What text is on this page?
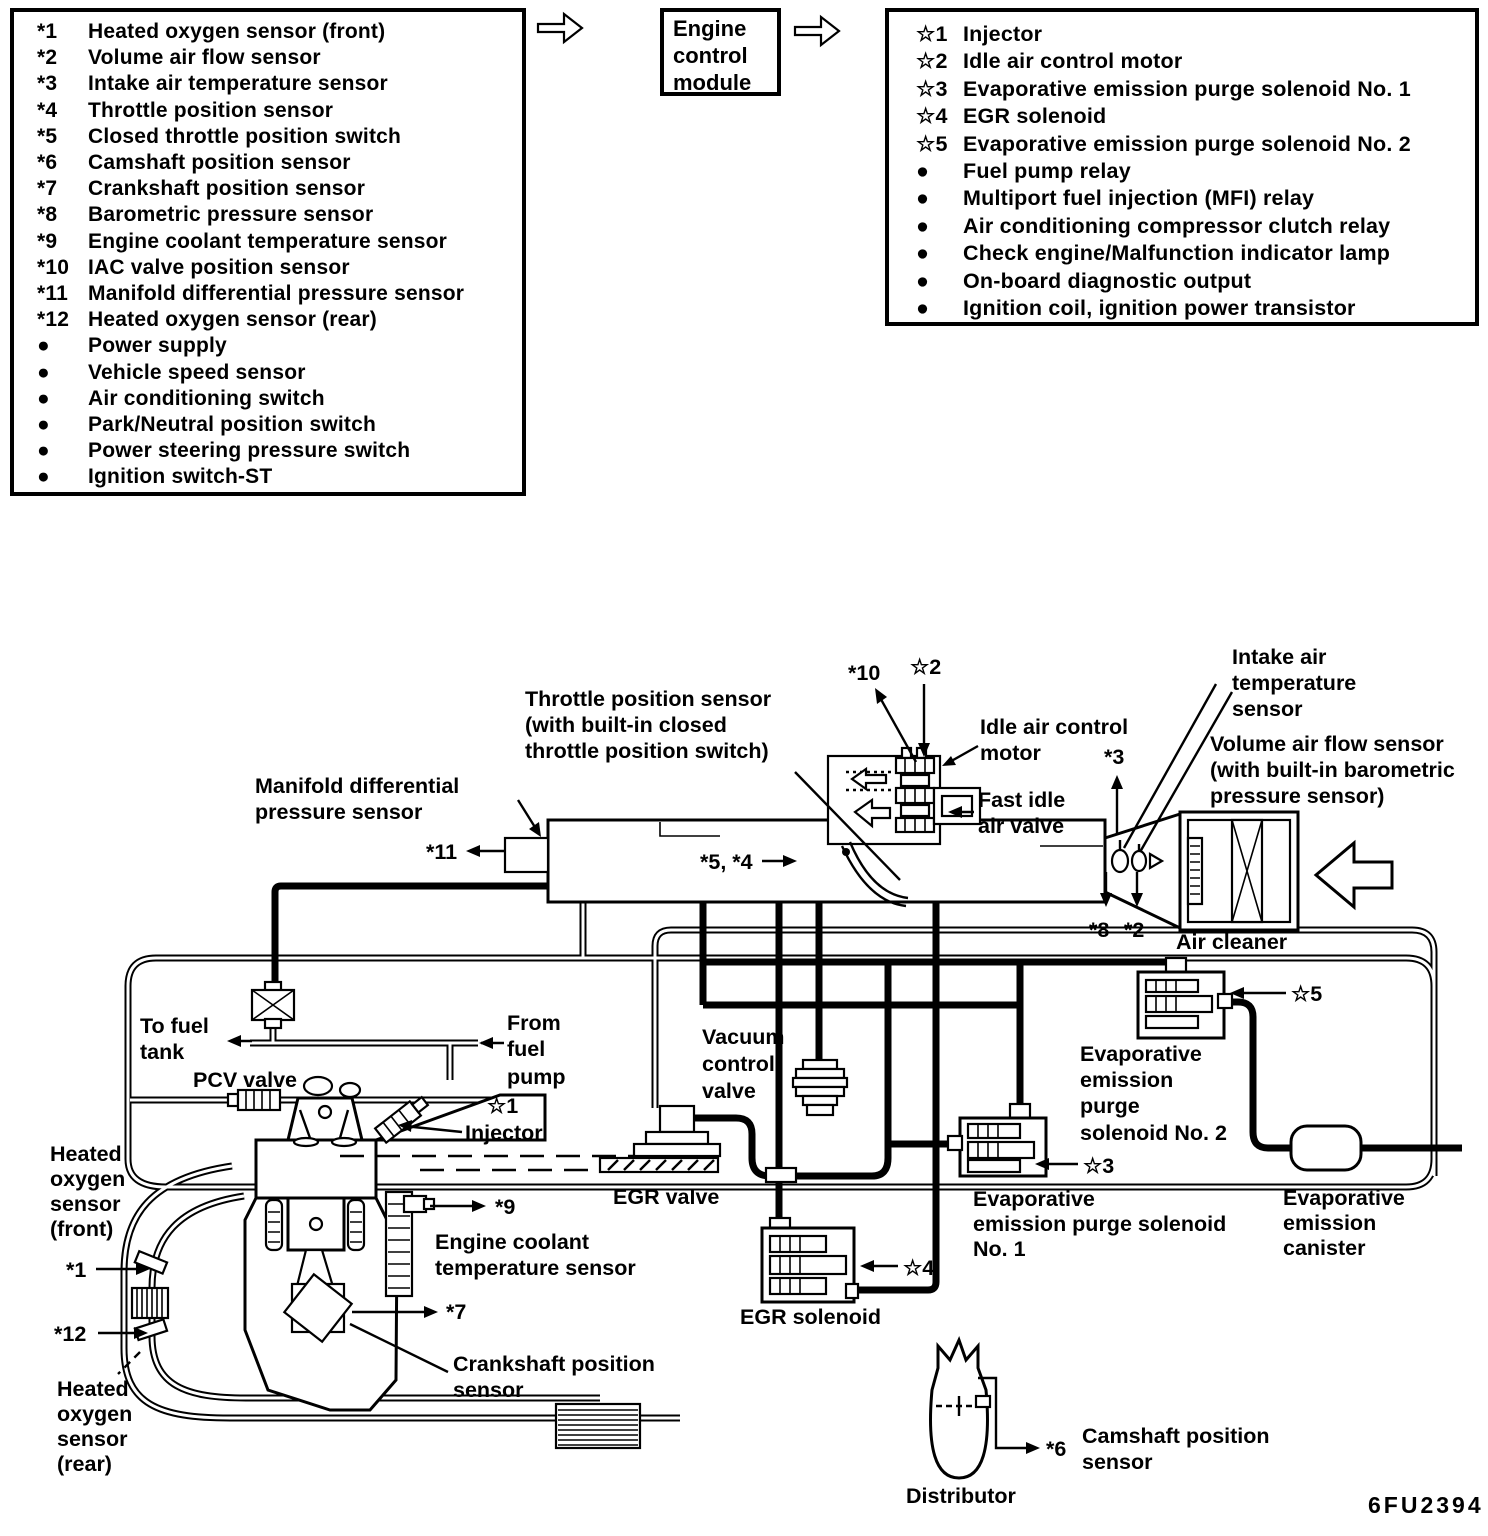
Throttle position sensor
(with built-in closed
throttle position switch)
*10 ☆2
Idle air control
motor
Fast idle
air valve
*3
Intake air
temperature
sensor
Volume air flow sensor
(with built-in barometric
pressure sensor)
*8 *2 Air cleaner
Manifold differential
pressure sensor
*11	*5, *4
To fuel
tank
PCV valve
From
fuel
pump
☆1
Injector
Vacuum
control
valve
EGR valve
EGR solenoid
☆4
☆5
Evaporative
emission
purge
solenoid No. 2
☆3
Evaporative
emission purge solenoid
No. 1
Evaporative
emission
canister
Heated
oxygen
sensor
(front)
*1
*12
Heated
oxygen
sensor
(rear)
Engine coolant
temperature sensor
*9
*7
Crankshaft position
sensor
Distributor
*6
Camshaft position
sensor
6FU2394
*1	Heated oxygen sensor (front)
*2	Volume air flow sensor
*3	Intake air temperature sensor
*4	Throttle position sensor
*5	Closed throttle position switch
*6	Camshaft position sensor
*7	Crankshaft position sensor
*8	Barometric pressure sensor
*9	Engine coolant temperature sensor
*10 IAC valve position sensor
*11 Manifold differential pressure sensor
*12 Heated oxygen sensor (rear)
●	Power supply
●	Vehicle speed sensor
●	Air conditioning switch
●	Park/Neutral position switch
●	Power steering pressure switch
●	Ignition switch-ST
Engine
control
module
☆1 Injector
☆2 Idle air control motor
☆3 Evaporative emission purge solenoid No. 1
☆4 EGR solenoid
☆5 Evaporative emission purge solenoid No. 2
●	Fuel pump relay
●	Multiport fuel injection (MFI) relay
●	Air conditioning compressor clutch relay
●	Check engine/Malfunction indicator lamp
●	On-board diagnostic output
●	Ignition coil, ignition power transistor
